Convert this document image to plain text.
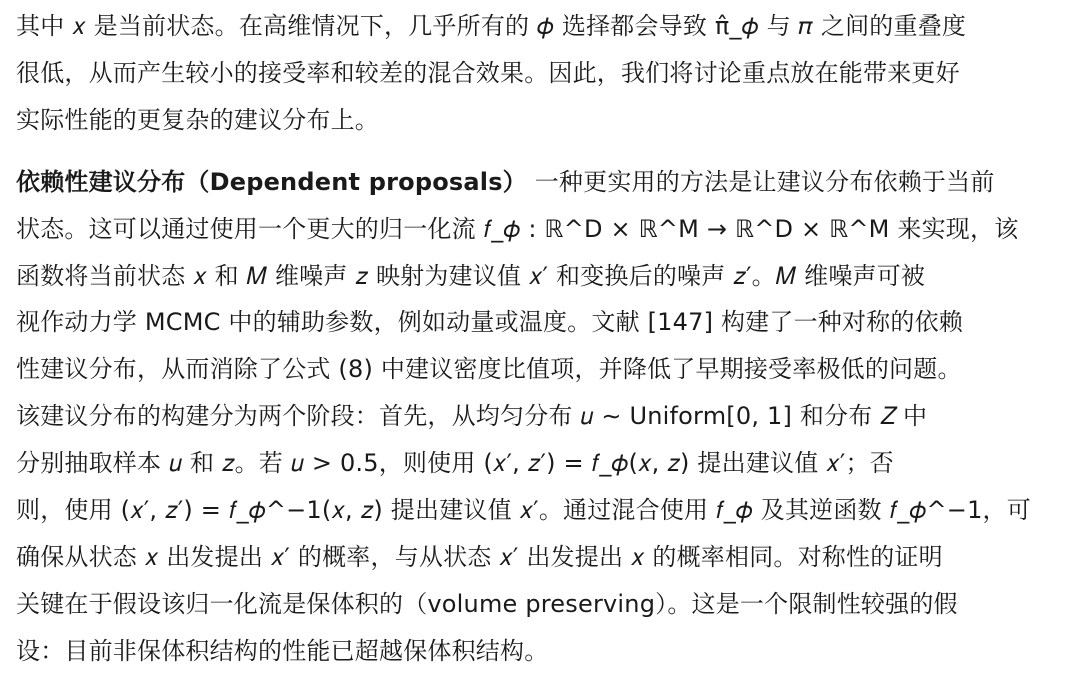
其中 𝑥 是当前状态。在高维情况下，几乎所有的 𝜙 选择都会导致 π̂_𝜙 与 𝜋 之间的重叠度
很低，从而产生较小的接受率和较差的混合效果。因此，我们将讨论重点放在能带来更好
实际性能的更复杂的建议分布上。
依赖性建议分布（Dependent proposals） 一种更实用的方法是让建议分布依赖于当前
状态。这可以通过使用一个更大的归一化流 𝑓_𝜙 : ℝ^D × ℝ^M → ℝ^D × ℝ^M 来实现，该
函数将当前状态 𝑥 和 𝑀 维噪声 𝑧 映射为建议值 𝑥′ 和变换后的噪声 𝑧′。𝑀 维噪声可被
视作动力学 MCMC 中的辅助参数，例如动量或温度。文献 [147] 构建了一种对称的依赖
性建议分布，从而消除了公式 (8) 中建议密度比值项，并降低了早期接受率极低的问题。
该建议分布的构建分为两个阶段：首先，从均匀分布 𝑢 ∼ Uniform[0, 1] 和分布 𝑍 中
分别抽取样本 𝑢 和 𝑧。若 𝑢 > 0.5，则使用 (𝑥′, 𝑧′) = 𝑓_𝜙(𝑥, 𝑧) 提出建议值 𝑥′；否
则，使用 (𝑥′, 𝑧′) = 𝑓_𝜙^−1(𝑥, 𝑧) 提出建议值 𝑥′。通过混合使用 𝑓_𝜙 及其逆函数 𝑓_𝜙^−1，可
确保从状态 𝑥 出发提出 𝑥′ 的概率，与从状态 𝑥′ 出发提出 𝑥 的概率相同。对称性的证明
关键在于假设该归一化流是保体积的（volume preserving）。这是一个限制性较强的假
设：目前非保体积结构的性能已超越保体积结构。
